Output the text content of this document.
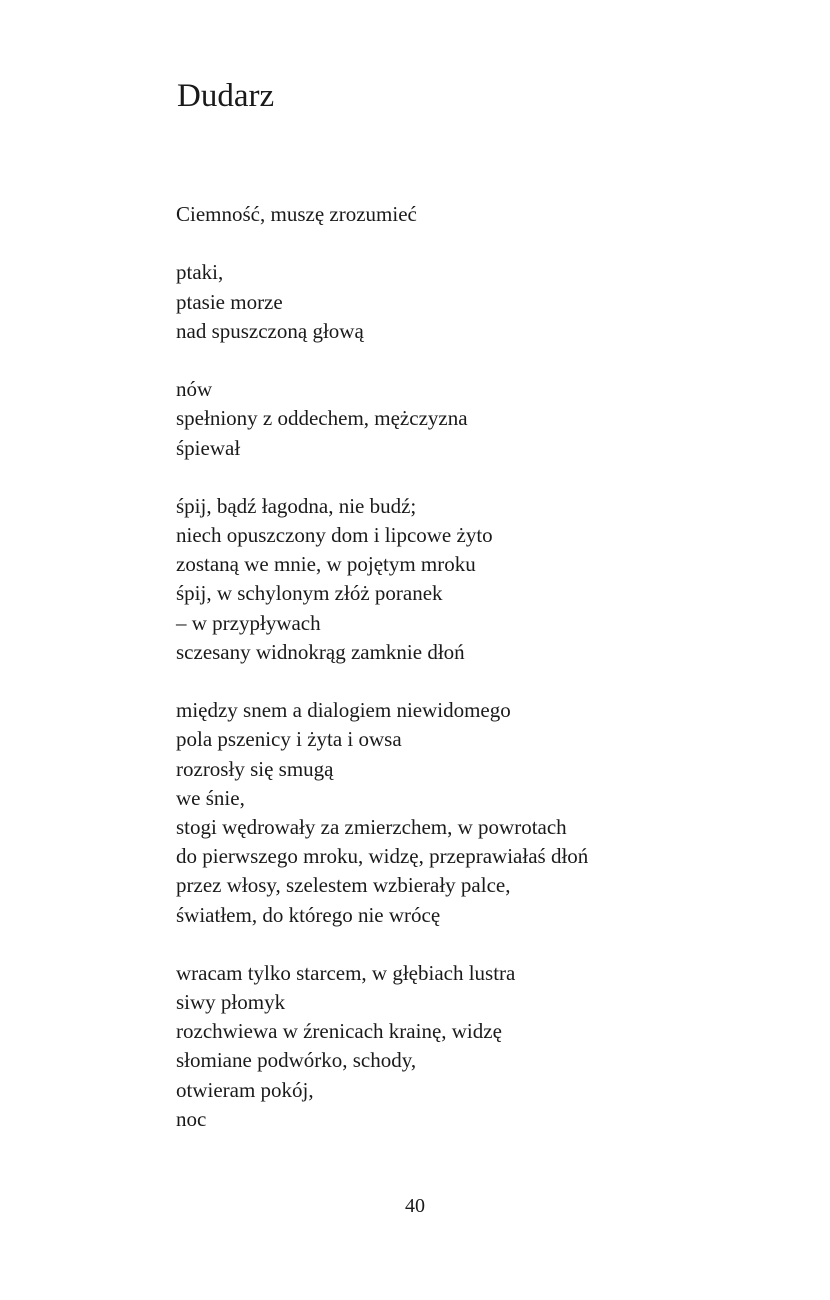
Dudarz
Ciemność, muszę zrozumieć
ptaki,
ptasie morze
nad spuszczoną głową
nów
spełniony z oddechem, mężczyzna
śpiewał
śpij, bądź łagodna, nie budź;
niech opuszczony dom i lipcowe żyto
zostaną we mnie, w pojętym mroku
śpij, w schylonym złóż poranek
– w przypływach
sczesany widnokrąg zamknie dłoń
między snem a dialogiem niewidomego
pola pszenicy i żyta i owsa
rozrosły się smugą
we śnie,
stogi wędrowały za zmierzchem, w powrotach
do pierwszego mroku, widzę, przeprawiałaś dłoń
przez włosy, szelestem wzbierały palce,
światłem, do którego nie wrócę
wracam tylko starcem, w głębiach lustra
siwy płomyk
rozchwiewa w źrenicach krainę, widzę
słomiane podwórko, schody,
otwieram pokój,
noc
40
